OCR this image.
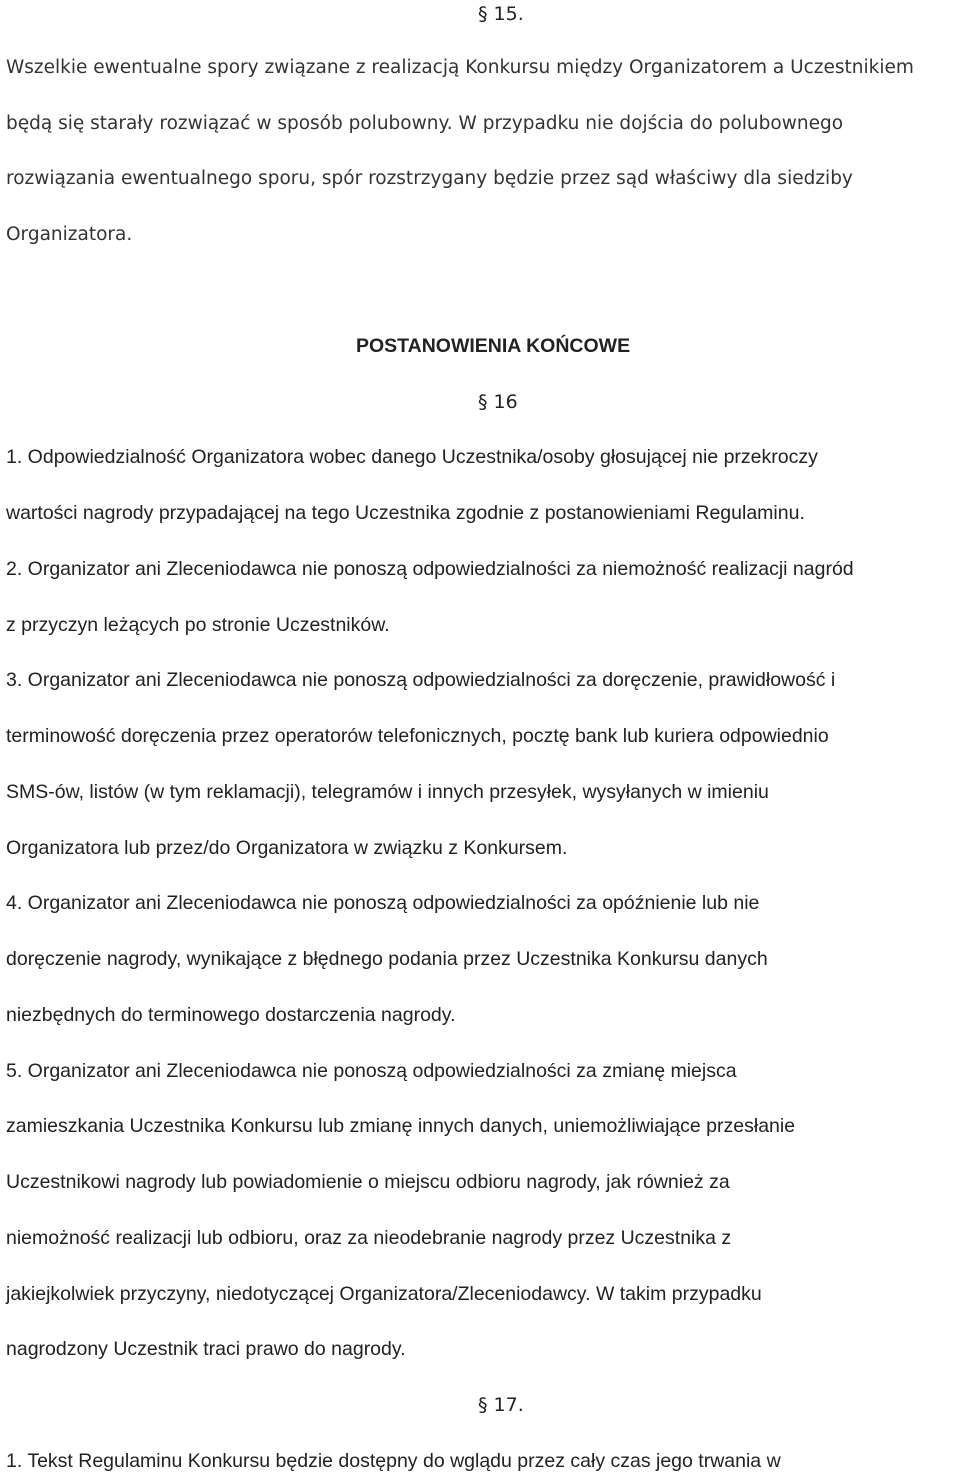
§ 15.
Wszelkie ewentualne spory związane z realizacją Konkursu między Organizatorem a Uczestnikiem
będą się starały rozwiązać w sposób polubowny. W przypadku nie dojścia do polubownego
rozwiązania ewentualnego sporu, spór rozstrzygany będzie przez sąd właściwy dla siedziby
Organizatora.
POSTANOWIENIA KOŃCOWE
§ 16
1. Odpowiedzialność Organizatora wobec danego Uczestnika/osoby głosującej nie przekroczy
wartości nagrody przypadającej na tego Uczestnika zgodnie z postanowieniami Regulaminu.
2. Organizator ani Zleceniodawca nie ponoszą odpowiedzialności za niemożność realizacji nagród
z przyczyn leżących po stronie Uczestników.
3. Organizator ani Zleceniodawca nie ponoszą odpowiedzialności za doręczenie, prawidłowość i
terminowość doręczenia przez operatorów telefonicznych, pocztę bank lub kuriera odpowiednio
SMS-ów, listów (w tym reklamacji), telegramów i innych przesyłek, wysyłanych w imieniu
Organizatora lub przez/do Organizatora w związku z Konkursem.
4. Organizator ani Zleceniodawca nie ponoszą odpowiedzialności za opóźnienie lub nie
doręczenie nagrody, wynikające z błędnego podania przez Uczestnika Konkursu danych
niezbędnych do terminowego dostarczenia nagrody.
5. Organizator ani Zleceniodawca nie ponoszą odpowiedzialności za zmianę miejsca
zamieszkania Uczestnika Konkursu lub zmianę innych danych, uniemożliwiające przesłanie
Uczestnikowi nagrody lub powiadomienie o miejscu odbioru nagrody, jak również za
niemożność realizacji lub odbioru, oraz za nieodebranie nagrody przez Uczestnika z
jakiejkolwiek przyczyny, niedotyczącej Organizatora/Zleceniodawcy. W takim przypadku
nagrodzony Uczestnik traci prawo do nagrody.
§ 17.
1. Tekst Regulaminu Konkursu będzie dostępny do wglądu przez cały czas jego trwania w
